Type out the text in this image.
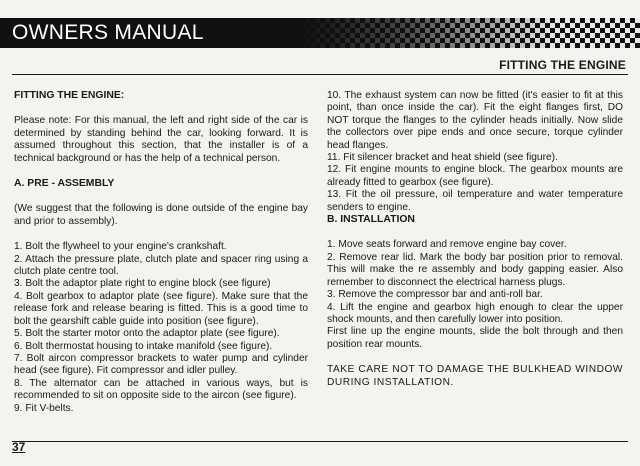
OWNERS MANUAL
FITTING THE ENGINE
FITTING THE ENGINE:
Please note: For this manual, the left and right side of the car is determined by standing behind the car, looking forward. It is assumed throughout this section, that the installer is of a technical background or has the help of a technical person.
A. PRE - ASSEMBLY
(We suggest that the following is done outside of the engine bay and prior to assembly).
1. Bolt the flywheel to your engine's crankshaft.
2. Attach the pressure plate, clutch plate and spacer ring using a clutch plate centre tool.
3. Bolt the adaptor plate right to engine block (see figure)
4. Bolt gearbox to adaptor plate (see figure). Make sure that the release fork and release bearing is fitted. This is a good time to bolt the gearshift cable guide into position (see figure).
5. Bolt the starter motor onto the adaptor plate (see figure).
6. Bolt thermostat housing to intake manifold (see figure).
7. Bolt aircon compressor brackets to water pump and cylinder head (see figure). Fit compressor and idler pulley.
8. The alternator can be attached in various ways, but is recommended to sit on opposite side to the aircon (see figure).
9. Fit V-belts.
10. The exhaust system can now be fitted (it's easier to fit at this point, than once inside the car). Fit the eight flanges first, DO NOT torque the flanges to the cylinder heads initially. Now slide the collectors over pipe ends and once secure, torque cylinder head flanges.
11. Fit silencer bracket and heat shield (see figure).
12. Fit engine mounts to engine block. The gearbox mounts are already fitted to gearbox (see figure).
13. Fit the oil pressure, oil temperature and water temperature senders to engine.
B. INSTALLATION
1. Move seats forward and remove engine bay cover.
2. Remove rear lid. Mark the body bar position prior to removal. This will make the re assembly and body gapping easier. Also remember to disconnect the electrical harness plugs.
3. Remove the compressor bar and anti-roll bar.
4. Lift the engine and gearbox high enough to clear the upper shock mounts, and then carefully lower into position.
First line up the engine mounts, slide the bolt through and then position rear mounts.
TAKE CARE NOT TO DAMAGE THE BULKHEAD WINDOW DURING INSTALLATION.
37
